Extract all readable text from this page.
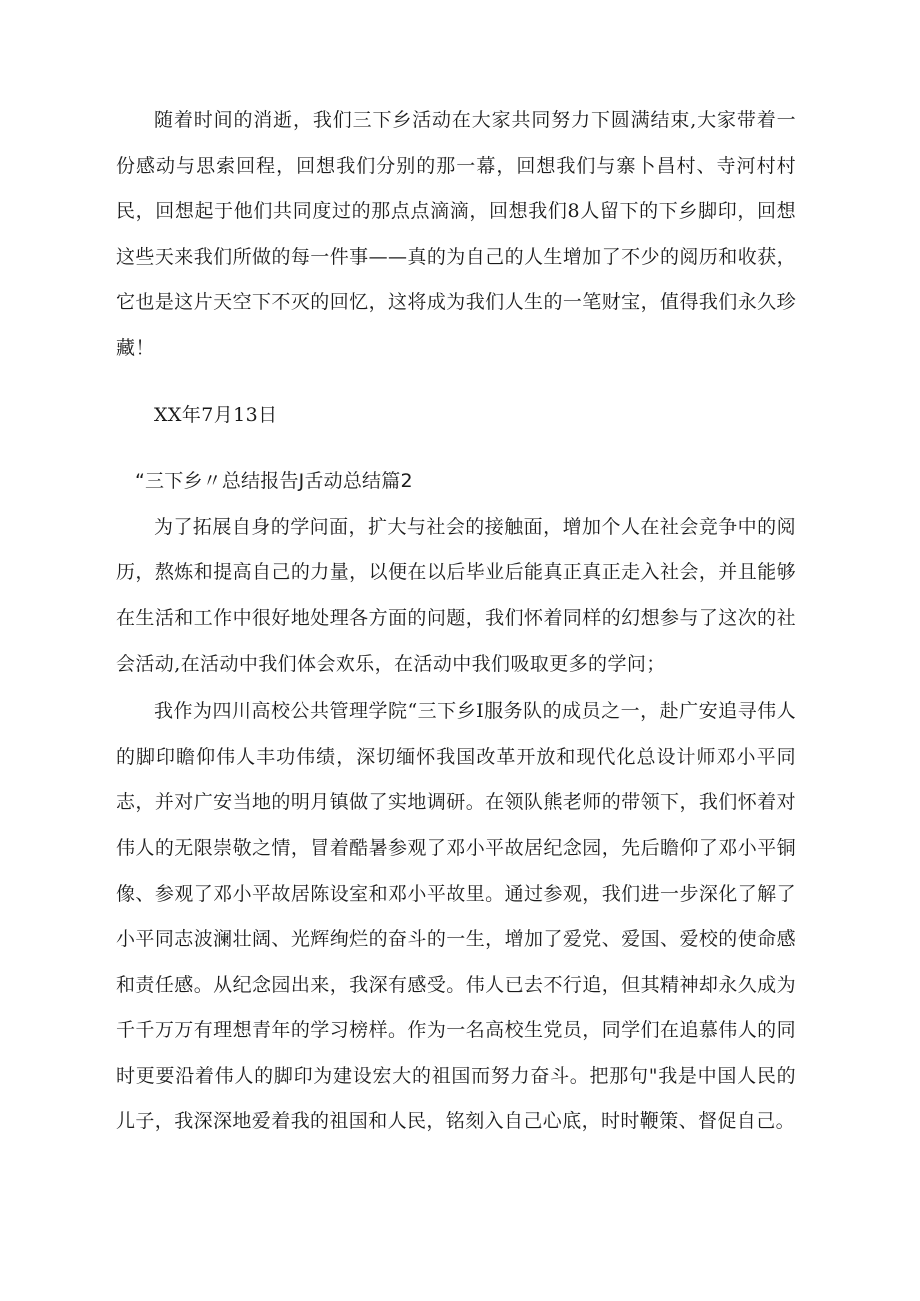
随着时间的消逝，我们三下乡活动在大家共同努力下圆满结束,大家带着一份感动与思索回程，回想我们分别的那一幕，回想我们与寨卜昌村、寺河村村民，回想起于他们共同度过的那点点滴滴，回想我们8人留下的下乡脚印，回想这些天来我们所做的每一件事——真的为自己的人生增加了不少的阅历和收获，它也是这片天空下不灭的回忆，这将成为我们人生的一笔财宝，值得我们永久珍藏！

XX年7月13日

“三下乡〃总结报告J舌动总结篇2

为了拓展自身的学问面，扩大与社会的接触面，增加个人在社会竞争中的阅历，熬炼和提高自己的力量，以便在以后毕业后能真正真正走入社会，并且能够在生活和工作中很好地处理各方面的问题，我们怀着同样的幻想参与了这次的社会活动,在活动中我们体会欢乐，在活动中我们吸取更多的学问；

我作为四川高校公共管理学院“三下乡I服务队的成员之一，赴广安追寻伟人的脚印瞻仰伟人丰功伟绩，深切缅怀我国改革开放和现代化总设计师邓小平同志，并对广安当地的明月镇做了实地调研。在领队熊老师的带领下，我们怀着对伟人的无限崇敬之情，冒着酷暑参观了邓小平故居纪念园，先后瞻仰了邓小平铜像、参观了邓小平故居陈设室和邓小平故里。通过参观，我们进一步深化了解了小平同志波澜壮阔、光辉绚烂的奋斗的一生，增加了爱党、爱国、爱校的使命感和责任感。从纪念园出来，我深有感受。伟人已去不行追，但其精神却永久成为千千万万有理想青年的学习榜样。作为一名高校生党员，同学们在追慕伟人的同时更要沿着伟人的脚印为建设宏大的祖国而努力奋斗。把那句"我是中国人民的儿子，我深深地爱着我的祖国和人民，铭刻入自己心底，时时鞭策、督促自己。
